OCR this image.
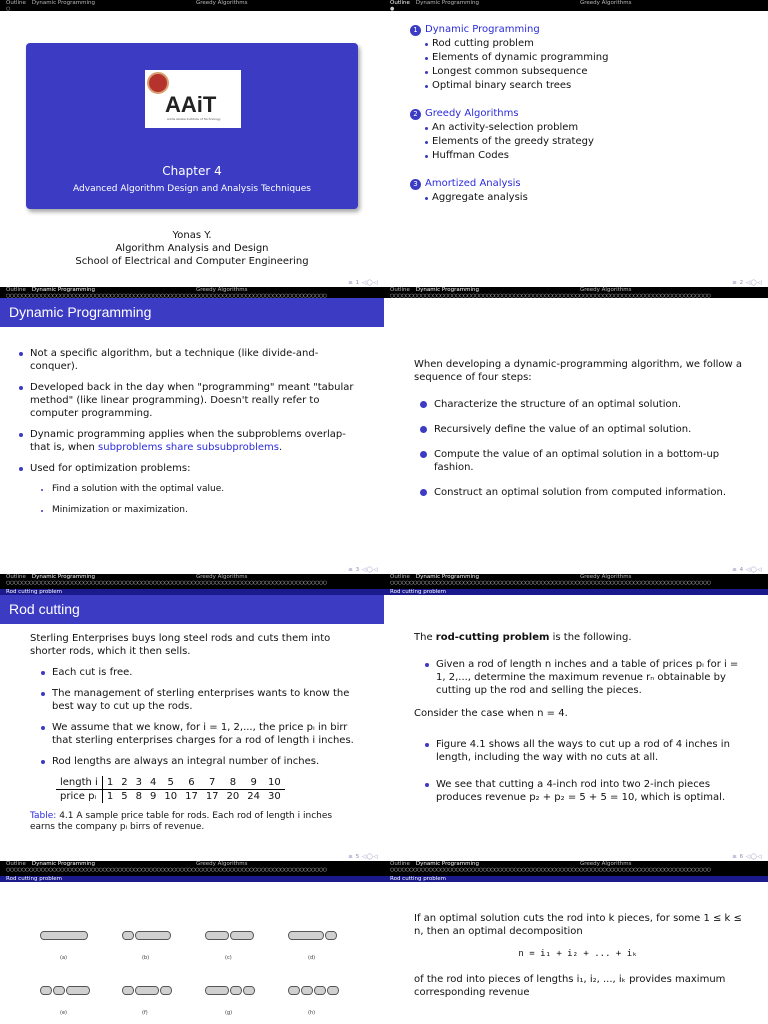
Outline Dynamic Programming	Greedy Algorithms
○
AAiT
Addis Ababa Institute of Technology
Chapter 4
Advanced Algorithm Design and Analysis Techniques
Yonas Y.
Algorithm Analysis and Design
School of Electrical and Computer Engineering
≥ 1 ◁◯◁
Outline Dynamic Programming	Greedy Algorithms
●
1 Dynamic Programming
Rod cutting problem
Elements of dynamic programming
Longest common subsequence
Optimal binary search trees
2 Greedy Algorithms
An activity-selection problem
Elements of the greedy strategy
Huffman Codes
3 Amortized Analysis
Aggregate analysis
≥ 2 ◁◯◁
Outline Dynamic Programming	Greedy Algorithms
○○○○○○○○○○○○○○○○○○○○○○○○○○○○○○○○○○○○○○○○○○○○○○○○○○○○○○○○○○○○○○○○○○○○○○○○○○○○○○○○○○○
Dynamic Programming
Not a specific algorithm, but a technique (like divide-and-conquer).
Developed back in the day when "programming" meant "tabular method" (like linear programming). Doesn't really refer to computer programming.
Dynamic programming applies when the subproblems overlap-that is, when subproblems share subsubproblems.
Used for optimization problems:
Find a solution with the optimal value.
Minimization or maximization.
≥ 3 ◁◯◁
Outline Dynamic Programming	Greedy Algorithms
○○○○○○○○○○○○○○○○○○○○○○○○○○○○○○○○○○○○○○○○○○○○○○○○○○○○○○○○○○○○○○○○○○○○○○○○○○○○○○○○○○○

When developing a dynamic-programming algorithm, we follow a sequence of four steps:

Characterize the structure of an optimal solution.
Recursively define the value of an optimal solution.
Compute the value of an optimal solution in a bottom-up fashion.
Construct an optimal solution from computed information.
≥ 4 ◁◯◁
Outline Dynamic Programming	Greedy Algorithms
○○○○○○○○○○○○○○○○○○○○○○○○○○○○○○○○○○○○○○○○○○○○○○○○○○○○○○○○○○○○○○○○○○○○○○○○○○○○○○○○○○○
Rod cutting problem
Rod cutting

Sterling Enterprises buys long steel rods and cuts them into shorter rods, which it then sells.

Each cut is free.
The management of sterling enterprises wants to know the best way to cut up the rods.
We assume that we know, for i = 1, 2,..., the price pᵢ in birr that sterling enterprises charges for a rod of length i inches.
Rod lengths are always an integral number of inches.
length i	1	2	3	4	5	6	7	8	9	10
price pᵢ	1	5	8	9	10	17	17	20	24	30
Table: 4.1 A sample price table for rods. Each rod of length i inches earns the company pᵢ birrs of revenue.
≥ 5 ◁◯◁
Outline Dynamic Programming	Greedy Algorithms
○○○○○○○○○○○○○○○○○○○○○○○○○○○○○○○○○○○○○○○○○○○○○○○○○○○○○○○○○○○○○○○○○○○○○○○○○○○○○○○○○○○
Rod cutting problem

The rod-cutting problem is the following.

Given a rod of length n inches and a table of prices pᵢ for i = 1, 2,..., determine the maximum revenue rₙ obtainable by cutting up the rod and selling the pieces.

Consider the case when n = 4.

Figure 4.1 shows all the ways to cut up a rod of 4 inches in length, including the way with no cuts at all.
We see that cutting a 4-inch rod into two 2-inch pieces produces revenue p₂ + p₂ = 5 + 5 = 10, which is optimal.
≥ 6 ◁◯◁
Outline Dynamic Programming	Greedy Algorithms
○○○○○○○○○○○○○○○○○○○○○○○○○○○○○○○○○○○○○○○○○○○○○○○○○○○○○○○○○○○○○○○○○○○○○○○○○○○○○○○○○○○
Rod cutting problem
(a)	(b)	(c)	(d)
(e)	(f)	(g)	(h)
Outline Dynamic Programming	Greedy Algorithms
○○○○○○○○○○○○○○○○○○○○○○○○○○○○○○○○○○○○○○○○○○○○○○○○○○○○○○○○○○○○○○○○○○○○○○○○○○○○○○○○○○○
Rod cutting problem

If an optimal solution cuts the rod into k pieces, for some 1 ≤ k ≤ n, then an optimal decomposition

n = i₁ + i₂ + ... + iₖ

of the rod into pieces of lengths i₁, i₂, ..., iₖ provides maximum corresponding revenue
